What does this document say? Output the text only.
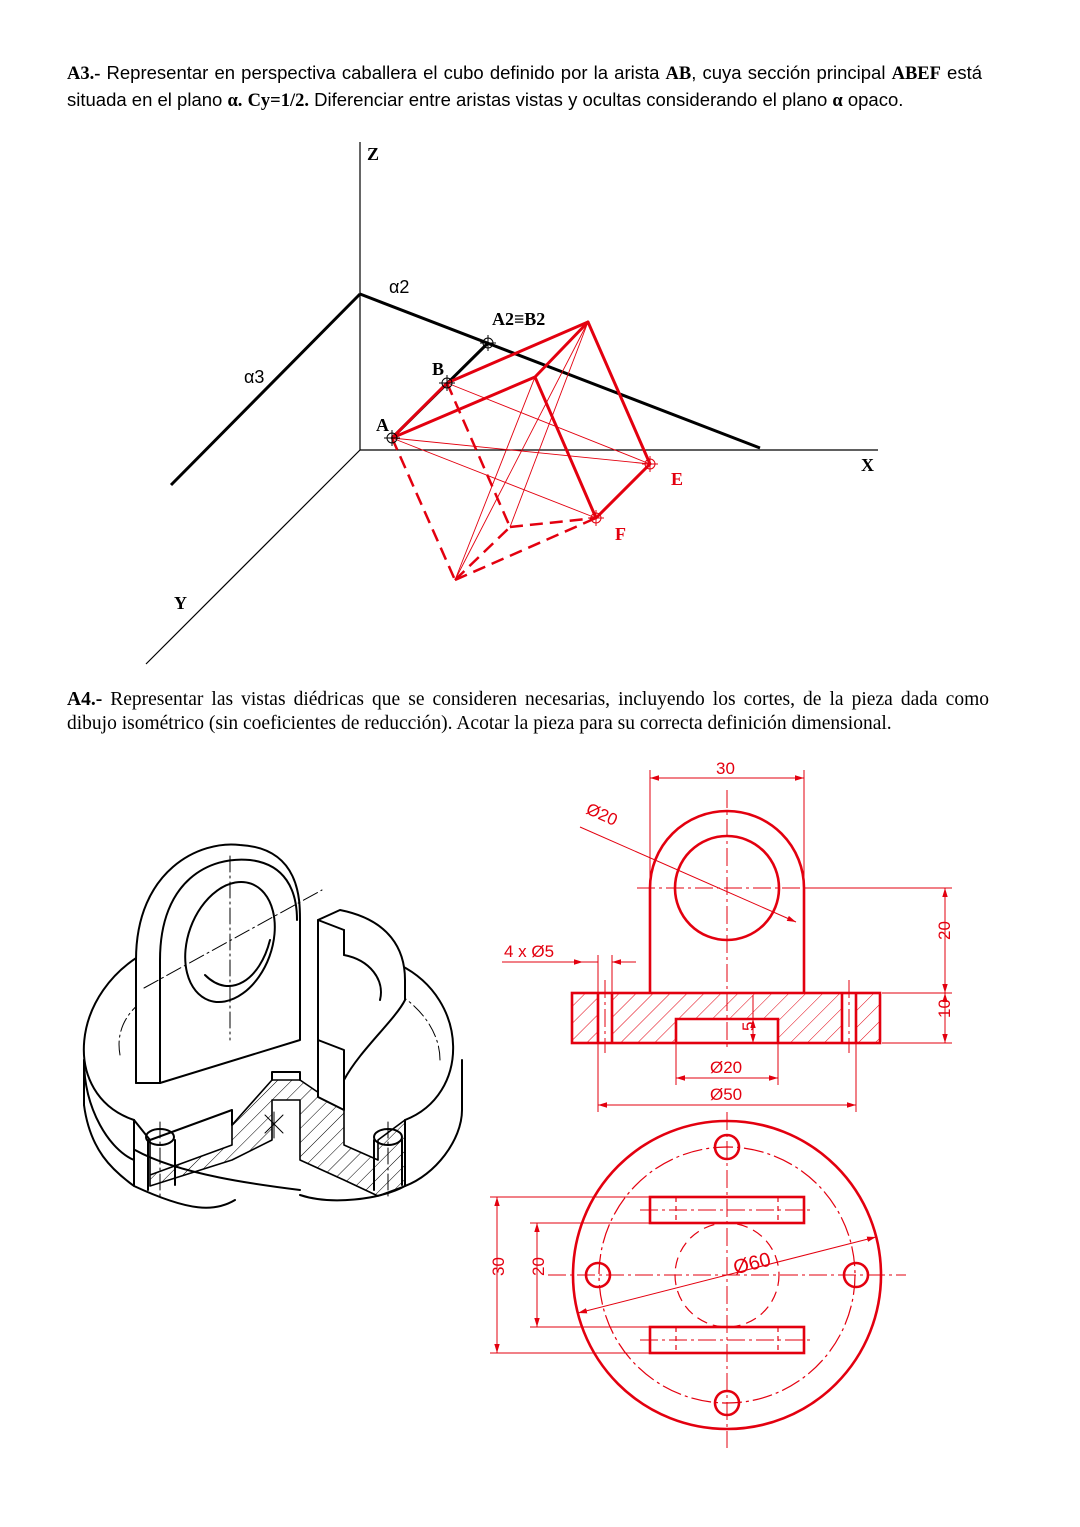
A3.- Representar en perspectiva caballera el cubo definido por la arista AB, cuya sección principal ABEF está situada en el plano α. Cy=1/2. Diferenciar entre aristas vistas y ocultas considerando el plano α opaco.
A4.- Representar las vistas diédricas que se consideren necesarias, incluyendo los cortes, de la pieza dada como dibujo isométrico (sin coeficientes de reducción). Acotar la pieza para su correcta definición dimensional.
Z
X
Y
α2
α3
A2≡B2
B
A
E
F
30
Ø20
20
10
4 x Ø5
5
Ø20
Ø50
30 20	Ø60
